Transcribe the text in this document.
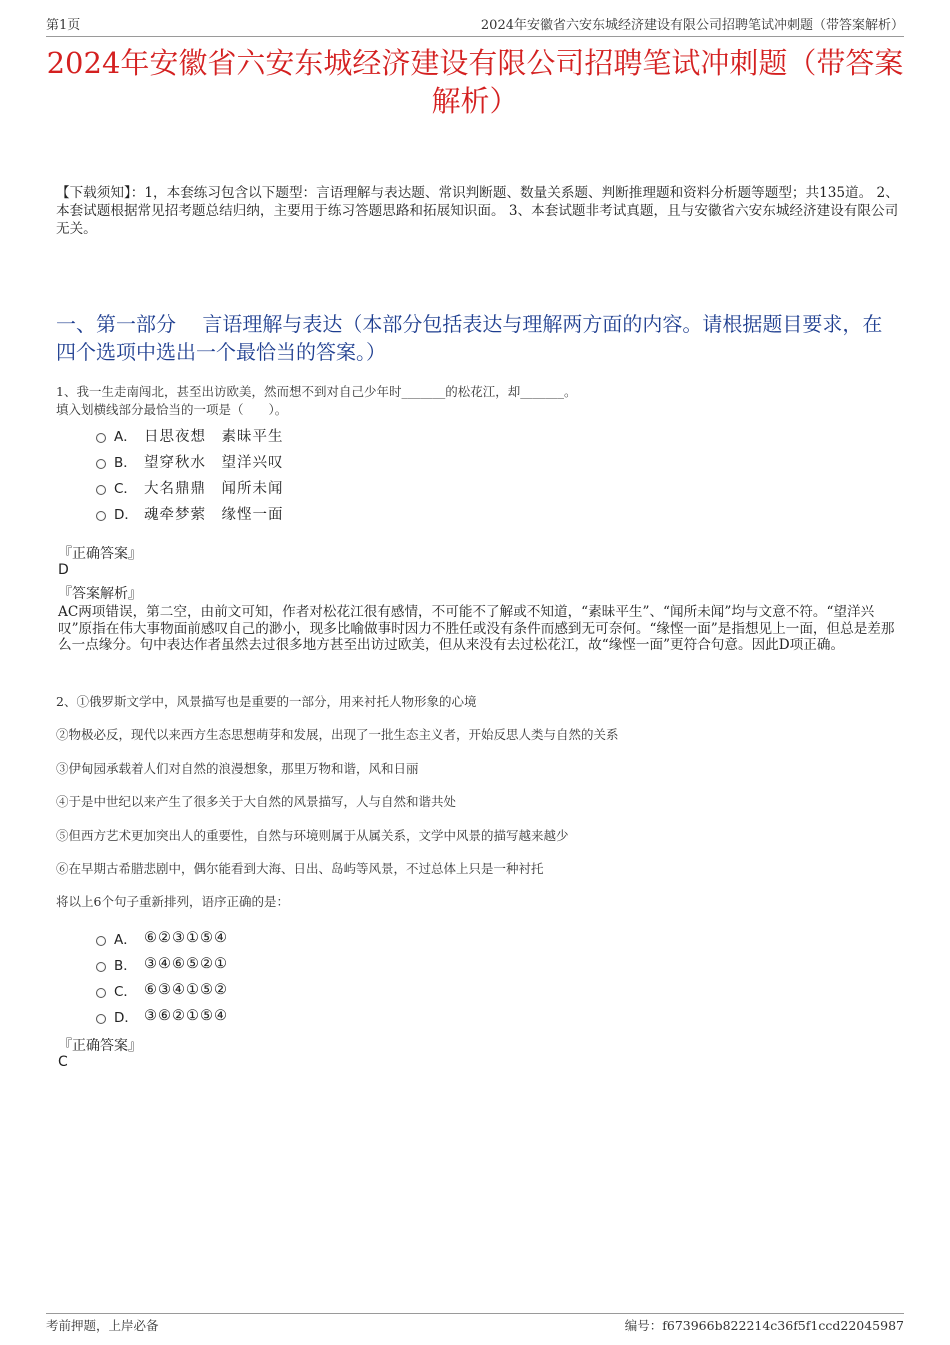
第1页	2024年安徽省六安东城经济建设有限公司招聘笔试冲刺题（带答案解析）
2024年安徽省六安东城经济建设有限公司招聘笔试冲刺题（带答案解析）
【下载须知】：1，本套练习包含以下题型：言语理解与表达题、常识判断题、数量关系题、判断推理题和资料分析题等题型；共135道。 2、本套试题根据常见招考题总结归纳，主要用于练习答题思路和拓展知识面。 3、本套试题非考试真题，且与安徽省六安东城经济建设有限公司无关。
一、第一部分　 言语理解与表达（本部分包括表达与理解两方面的内容。请根据题目要求，在四个选项中选出一个最恰当的答案。）
1、我一生走南闯北，甚至出访欧美，然而想不到对自己少年时_______的松花江，却_______。
填入划横线部分最恰当的一项是（　　）。
A． 日思夜想　素昧平生
B． 望穿秋水　望洋兴叹
C． 大名鼎鼎　闻所未闻
D． 魂牵梦萦　缘悭一面
『正确答案』
D
『答案解析』
AC两项错误，第二空，由前文可知，作者对松花江很有感情，不可能不了解或不知道，“素昧平生”、“闻所未闻”均与文意不符。“望洋兴叹”原指在伟大事物面前感叹自己的渺小，现多比喻做事时因力不胜任或没有条件而感到无可奈何。“缘悭一面”是指想见上一面，但总是差那么一点缘分。句中表达作者虽然去过很多地方甚至出访过欧美，但从来没有去过松花江，故“缘悭一面”更符合句意。因此D项正确。
2、①俄罗斯文学中，风景描写也是重要的一部分，用来衬托人物形象的心境
②物极必反，现代以来西方生态思想萌芽和发展，出现了一批生态主义者，开始反思人类与自然的关系
③伊甸园承载着人们对自然的浪漫想象，那里万物和谐，风和日丽
④于是中世纪以来产生了很多关于大自然的风景描写，人与自然和谐共处
⑤但西方艺术更加突出人的重要性，自然与环境则属于从属关系，文学中风景的描写越来越少
⑥在早期古希腊悲剧中，偶尔能看到大海、日出、岛屿等风景，不过总体上只是一种衬托
将以上6个句子重新排列，语序正确的是：
A． ⑥②③①⑤④
B． ③④⑥⑤②①
C． ⑥③④①⑤②
D． ③⑥②①⑤④
『正确答案』
C
考前押题，上岸必备	编号：f673966b822214c36f5f1ccd22045987
